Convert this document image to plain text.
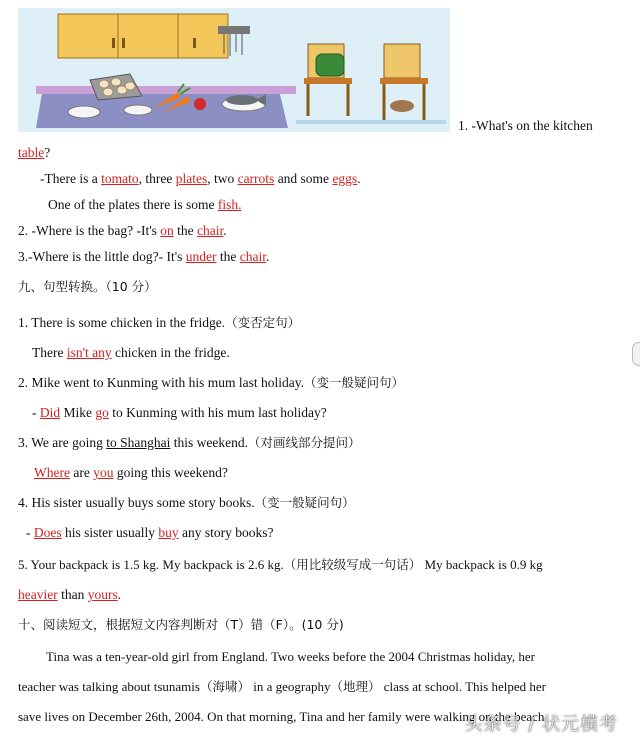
1. -What's on the kitchen
table?
-There is a tomato, three plates, two carrots and some eggs.
One of the plates there is some fish.
2. -Where is the bag? -It's on the chair.
3.-Where is the little dog?- It's under the chair.
九、句型转换。（10 分）
1. There is some chicken in the fridge.（变否定句）
There isn't any chicken in the fridge.
2. Mike went to Kunming with his mum last holiday.（变一般疑问句）
- Did Mike go to Kunming with his mum last holiday?
3. We are going to Shanghai this weekend.（对画线部分提问）
Where are you going this weekend?
4. His sister usually buys some story books.（变一般疑问句）
- Does his sister usually buy any story books?
5. Your backpack is 1.5 kg. My backpack is 2.6 kg.（用比较级写成一句话） My backpack is 0.9 kg
heavier than yours.
十、阅读短文，根据短文内容判断对（T）错（F）。(10 分)
Tina was a ten-year-old girl from England. Two weeks before the 2004 Christmas holiday, her
teacher was talking about tsunamis（海啸） in a geography（地理） class at school. This helped her
save lives on December 26th, 2004. On that morning, Tina and her family were walking on the beach
头条号 / 状元模考
